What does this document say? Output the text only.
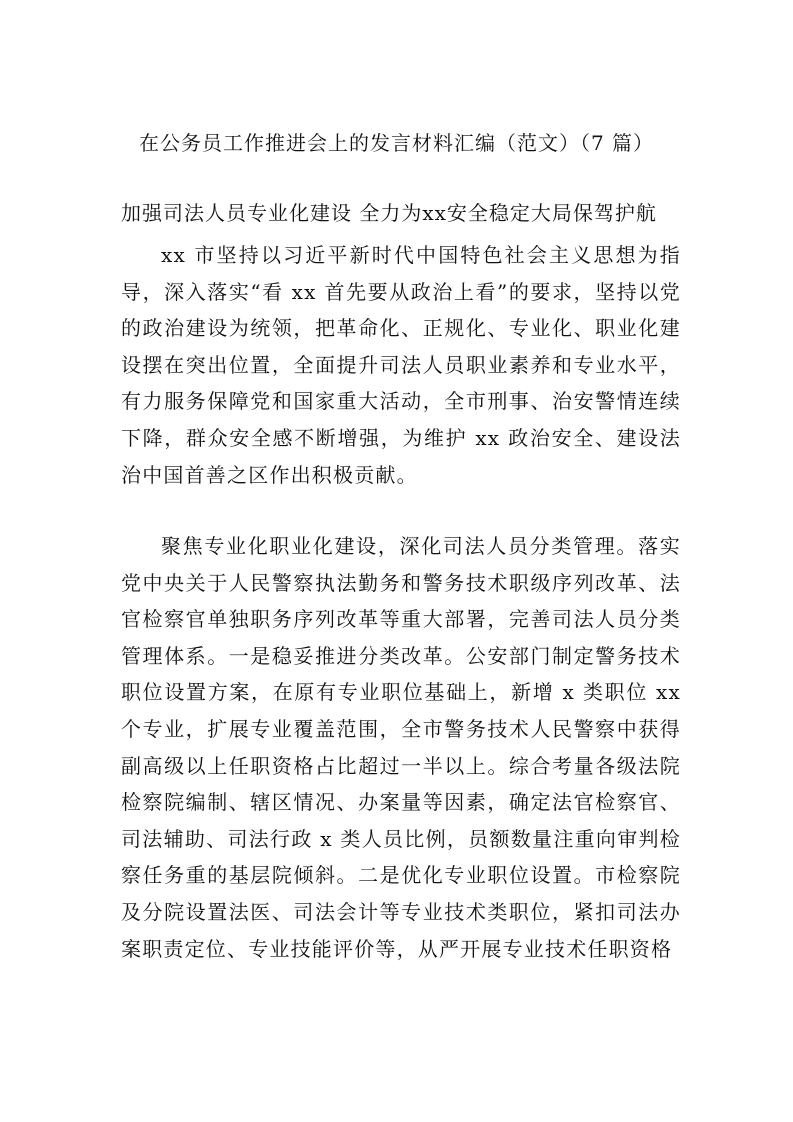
在公务员工作推进会上的发言材料汇编（范文）（7 篇）
加强司法人员专业化建设 全力为xx安全稳定大局保驾护航

xx 市坚持以习近平新时代中国特色社会主义思想为指导，深入落实“看 xx 首先要从政治上看”的要求，坚持以党的政治建设为统领，把革命化、正规化、专业化、职业化建设摆在突出位置，全面提升司法人员职业素养和专业水平，有力服务保障党和国家重大活动，全市刑事、治安警情连续下降，群众安全感不断增强，为维护 xx 政治安全、建设法治中国首善之区作出积极贡献。

聚焦专业化职业化建设，深化司法人员分类管理。落实党中央关于人民警察执法勤务和警务技术职级序列改革、法官检察官单独职务序列改革等重大部署，完善司法人员分类管理体系。一是稳妥推进分类改革。公安部门制定警务技术职位设置方案，在原有专业职位基础上，新增 x 类职位 xx 个专业，扩展专业覆盖范围，全市警务技术人民警察中获得副高级以上任职资格占比超过一半以上。综合考量各级法院检察院编制、辖区情况、办案量等因素，确定法官检察官、司法辅助、司法行政 x 类人员比例，员额数量注重向审判检察任务重的基层院倾斜。二是优化专业职位设置。市检察院及分院设置法医、司法会计等专业技术类职位，紧扣司法办案职责定位、专业技能评价等，从严开展专业技术任职资格
